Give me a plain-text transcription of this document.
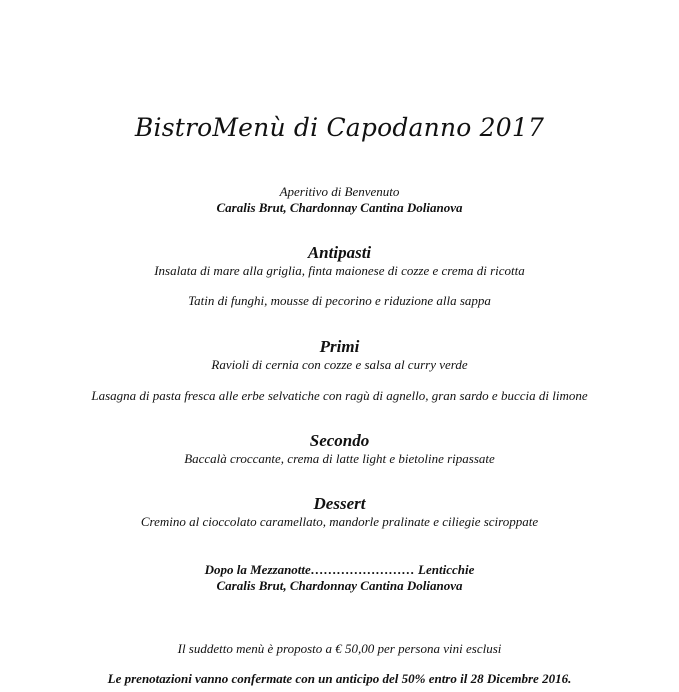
BistroMenù di Capodanno 2017
Aperitivo di Benvenuto
Caralis Brut, Chardonnay Cantina Dolianova
Antipasti
Insalata di mare alla griglia, finta maionese di cozze e crema di ricotta
Tatin di funghi, mousse di pecorino e riduzione alla sappa
Primi
Ravioli di cernia con cozze e salsa al curry verde
Lasagna di pasta fresca alle erbe selvatiche con ragù di agnello, gran sardo e buccia di limone
Secondo
Baccalà croccante, crema di latte light e bietoline ripassate
Dessert
Cremino al cioccolato caramellato, mandorle pralinate e ciliegie sciroppate
Dopo la Mezzanotte…………………… Lenticchie
Caralis Brut, Chardonnay Cantina Dolianova
Il suddetto menù è proposto a € 50,00 per persona vini esclusi
Le prenotazioni vanno confermate con un anticipo del 50% entro il 28 Dicembre 2016.
